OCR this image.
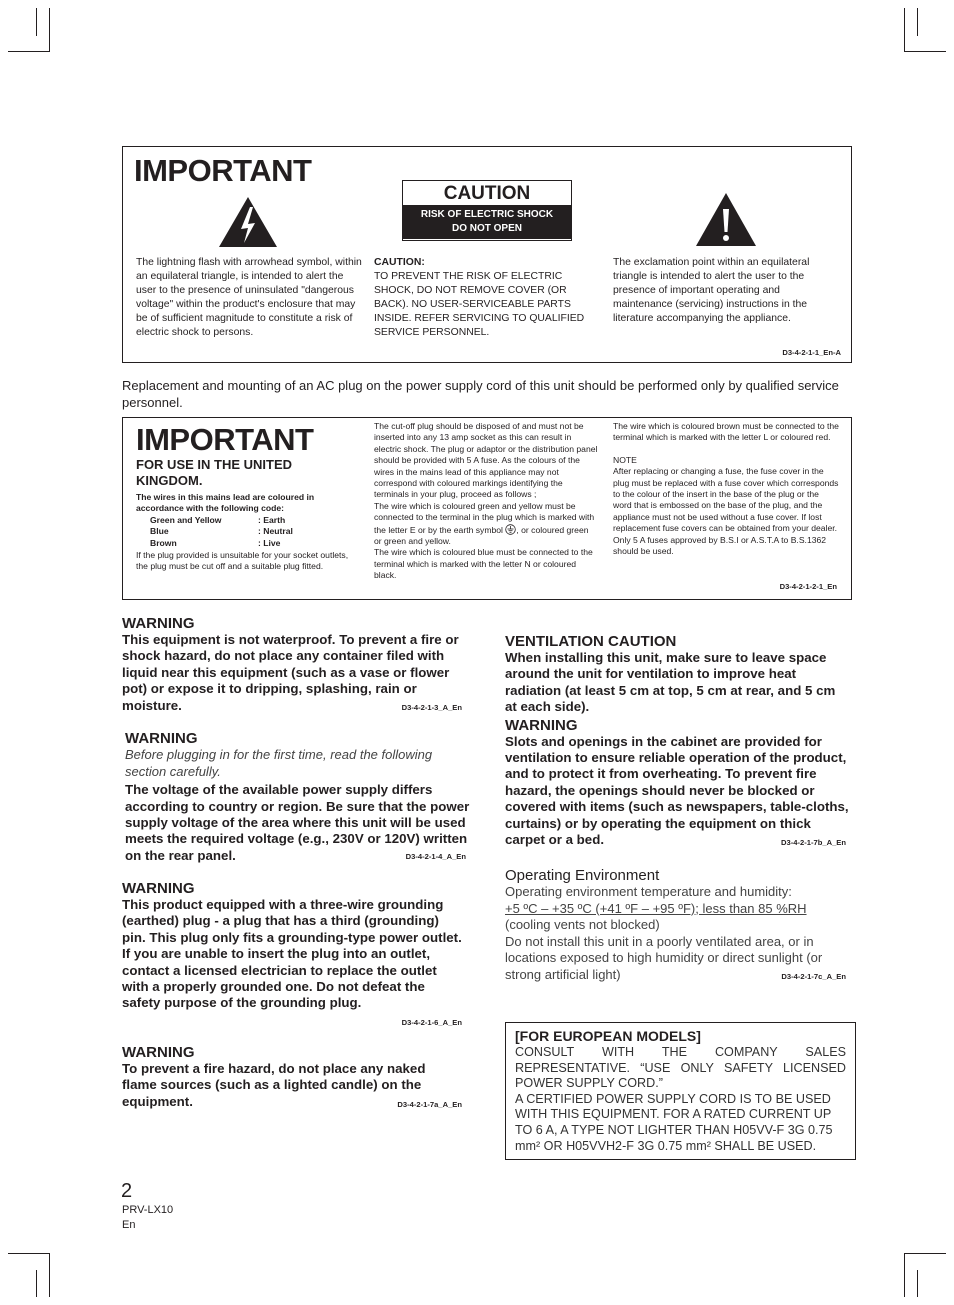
IMPORTANT
CAUTION
RISK OF ELECTRIC SHOCK
DO NOT OPEN
The lightning flash with arrowhead symbol, within an equilateral triangle, is intended to alert the user to the presence of uninsulated "dangerous voltage" within the product's enclosure that may be of sufficient magnitude to constitute a risk of electric shock to persons.
CAUTION:
TO PREVENT THE RISK OF ELECTRIC SHOCK, DO NOT REMOVE COVER (OR BACK). NO USER-SERVICEABLE PARTS INSIDE. REFER SERVICING TO QUALIFIED SERVICE PERSONNEL.
The exclamation point within an equilateral triangle is intended to alert the user to the presence of important operating and maintenance (servicing) instructions in the literature accompanying the appliance.
D3-4-2-1-1_En-A
Replacement and mounting of an AC plug on the power supply cord of this unit should be performed only by qualified service personnel.
IMPORTANT
FOR USE IN THE UNITED KINGDOM.
The wires in this mains lead are coloured in accordance with the following code:
Green and Yellow	: Earth
Blue	: Neutral
Brown	: Live
If the plug provided is unsuitable for your socket outlets, the plug must be cut off and a suitable plug fitted.
The cut-off plug should be disposed of and must not be inserted into any 13 amp socket as this can result in electric shock. The plug or adaptor or the distribution panel should be provided with 5 A fuse. As the colours of the wires in the mains lead of this appliance may not correspond with coloured markings identifying the terminals in your plug, proceed as follows ;
The wire which is coloured green and yellow must be connected to the terminal in the plug which is marked with the letter E or by the earth symbol , or coloured green or green and yellow.
The wire which is coloured blue must be connected to the terminal which is marked with the letter N or coloured black.
The wire which is coloured brown must be connected to the terminal which is marked with the letter L or coloured red.
NOTE
After replacing or changing a fuse, the fuse cover in the plug must be replaced with a fuse cover which corresponds to the colour of the insert in the base of the plug or the word that is embossed on the base of the plug, and the appliance must not be used without a fuse cover. If lost replacement fuse covers can be obtained from your dealer.
Only 5 A fuses approved by B.S.I or A.S.T.A to B.S.1362 should be used.
D3-4-2-1-2-1_En
WARNING
This equipment is not waterproof. To prevent a fire or shock hazard, do not place any container filed with liquid near this equipment (such as a vase or flower pot) or expose it to dripping, splashing, rain or moisture.	D3-4-2-1-3_A_En
WARNING
Before plugging in for the first time, read the following section carefully.
The voltage of the available power supply differs according to country or region. Be sure that the power supply voltage of the area where this unit will be used meets the required voltage (e.g., 230V or 120V) written on the rear panel.	D3-4-2-1-4_A_En
WARNING
This product equipped with a three-wire grounding (earthed) plug - a plug that has a third (grounding) pin. This plug only fits a grounding-type power outlet. If you are unable to insert the plug into an outlet, contact a licensed electrician to replace the outlet with a properly grounded one. Do not defeat the safety purpose of the grounding plug.
D3-4-2-1-6_A_En
WARNING
To prevent a fire hazard, do not place any naked flame sources (such as a lighted candle) on the equipment.	D3-4-2-1-7a_A_En
VENTILATION CAUTION
When installing this unit, make sure to leave space around the unit for ventilation to improve heat radiation (at least 5 cm at top, 5 cm at rear, and 5 cm at each side).
WARNING
Slots and openings in the cabinet are provided for ventilation to ensure reliable operation of the product, and to protect it from overheating. To prevent fire hazard, the openings should never be blocked or covered with items (such as newspapers, table-cloths, curtains) or by operating the equipment on thick carpet or a bed.	D3-4-2-1-7b_A_En
Operating Environment
Operating environment temperature and humidity:
+5 ºC – +35 ºC (+41 ºF – +95 ºF); less than 85 %RH
(cooling vents not blocked)
Do not install this unit in a poorly ventilated area, or in locations exposed to high humidity or direct sunlight (or strong artificial light)	D3-4-2-1-7c_A_En
[FOR EUROPEAN MODELS]
CONSULT WITH THE COMPANY SALES REPRESENTATIVE. “USE ONLY SAFETY LICENSED POWER SUPPLY CORD.”
A CERTIFIED POWER SUPPLY CORD IS TO BE USED WITH THIS EQUIPMENT. FOR A RATED CURRENT UP TO 6 A, A TYPE NOT LIGHTER THAN H05VV-F 3G 0.75 mm² OR H05VVH2-F 3G 0.75 mm² SHALL BE USED.
2
PRV-LX10
En
